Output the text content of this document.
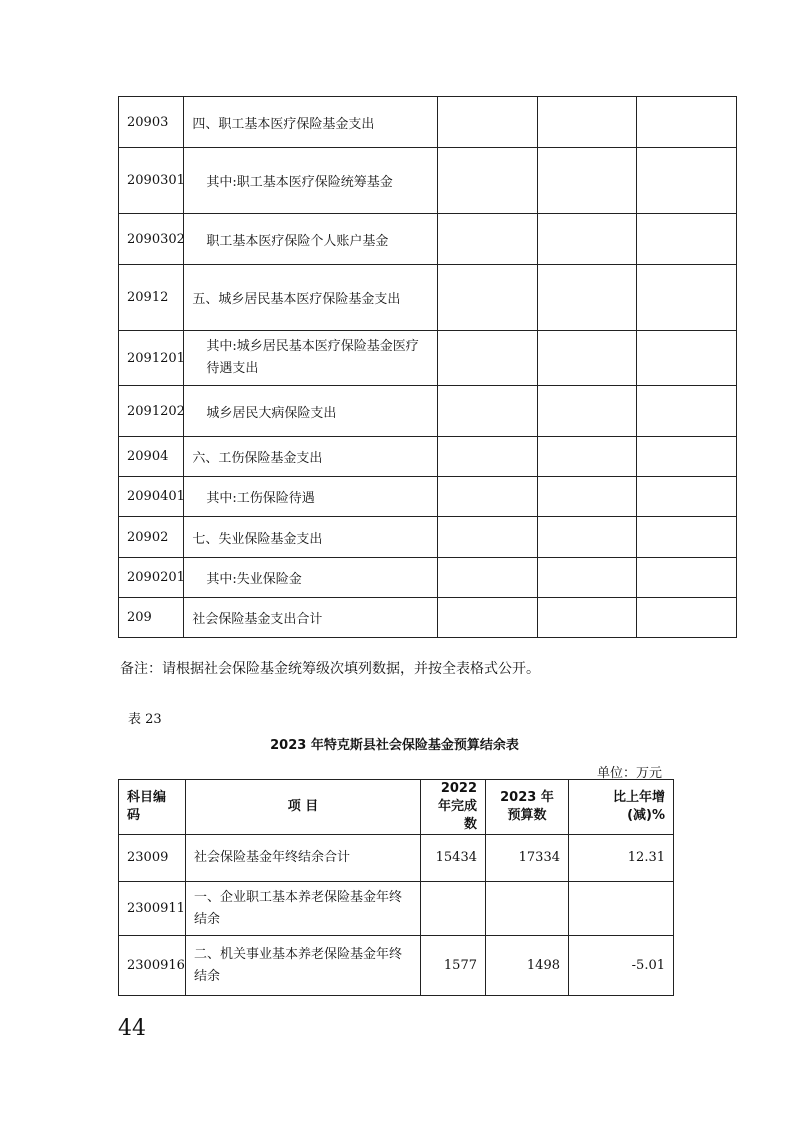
20903	四、职工基本医疗保险基金支出			
2090301	其中:职工基本医疗保险统筹基金			
2090302	职工基本医疗保险个人账户基金			
20912	五、城乡居民基本医疗保险基金支出			
2091201	其中:城乡居民基本医疗保险基金医疗待遇支出			
2091202	城乡居民大病保险支出			
20904	六、工伤保险基金支出			
2090401	其中:工伤保险待遇			
20902	七、失业保险基金支出			
2090201	其中:失业保险金			
209	社会保险基金支出合计			
备注：请根据社会保险基金统筹级次填列数据，并按全表格式公开。
表 23
2023 年特克斯县社会保险基金预算结余表
单位：万元
科目编码	项 目	2022 年完成数	2023 年预算数	比上年增(减)%
23009	社会保险基金年终结余合计	15434	17334	12.31
2300911	一、企业职工基本养老保险基金年终结余			
2300916	二、机关事业基本养老保险基金年终结余	1577	1498	-5.01
44
